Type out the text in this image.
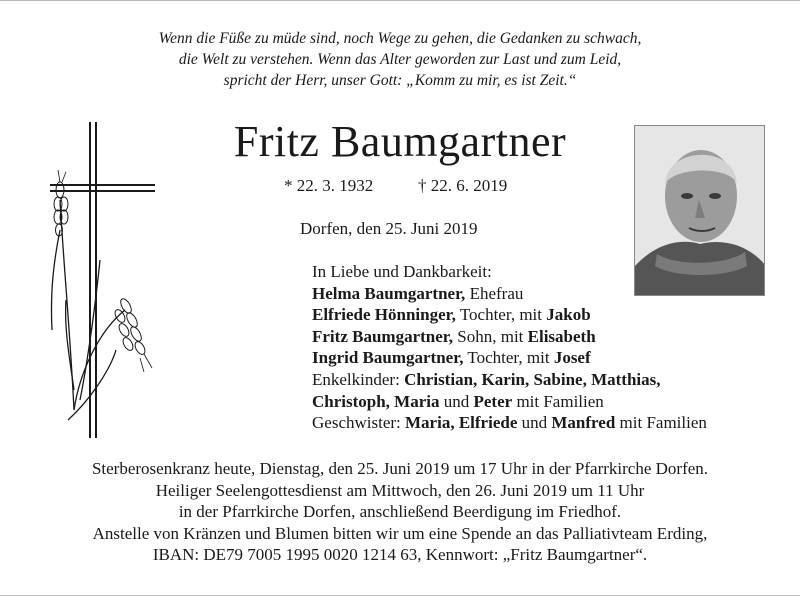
Wenn die Füße zu müde sind, noch Wege zu gehen, die Gedanken zu schwach,
die Welt zu verstehen. Wenn das Alter geworden zur Last und zum Leid,
spricht der Herr, unser Gott: „Komm zu mir, es ist Zeit.“
Fritz Baumgartner
* 22. 3. 1932	† 22. 6. 2019
Dorfen, den 25. Juni 2019
In Liebe und Dankbarkeit:
Helma Baumgartner, Ehefrau
Elfriede Hönninger, Tochter, mit Jakob
Fritz Baumgartner, Sohn, mit Elisabeth
Ingrid Baumgartner, Tochter, mit Josef
Enkelkinder: Christian, Karin, Sabine, Matthias,
Christoph, Maria und Peter mit Familien
Geschwister: Maria, Elfriede und Manfred mit Familien
Sterberosenkranz heute, Dienstag, den 25. Juni 2019 um 17 Uhr in der Pfarrkirche Dorfen.
Heiliger Seelengottesdienst am Mittwoch, den 26. Juni 2019 um 11 Uhr
in der Pfarrkirche Dorfen, anschließend Beerdigung im Friedhof.
Anstelle von Kränzen und Blumen bitten wir um eine Spende an das Palliativteam Erding,
IBAN: DE79 7005 1995 0020 1214 63, Kennwort: „Fritz Baumgartner“.
